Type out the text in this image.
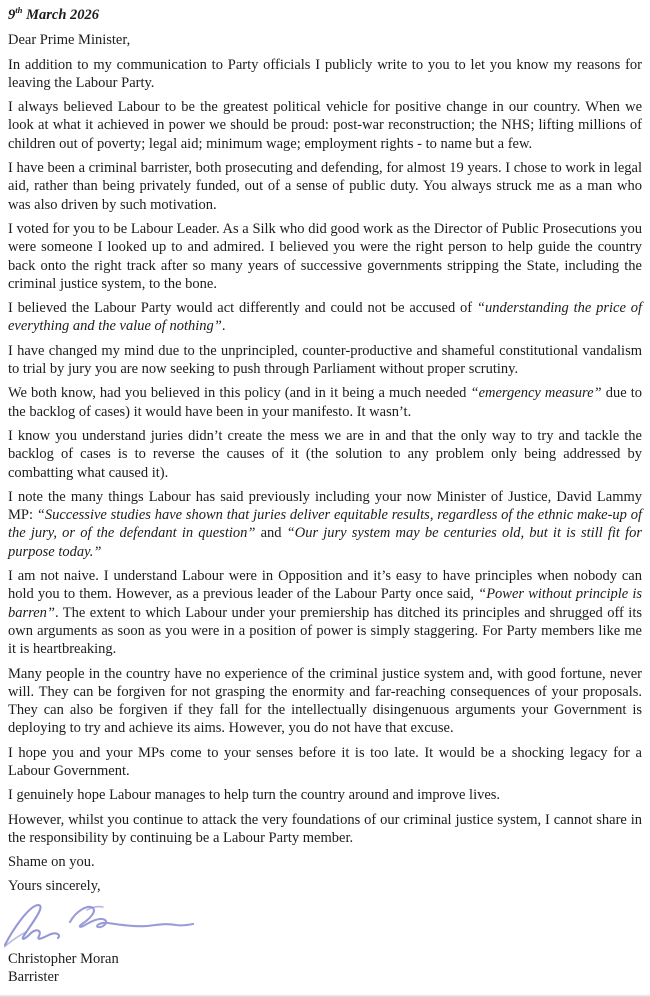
9th March 2026

Dear Prime Minister,

In addition to my communication to Party officials I publicly write to you to let you know my reasons for leaving the Labour Party.

I always believed Labour to be the greatest political vehicle for positive change in our country. When we look at what it achieved in power we should be proud: post-war reconstruction; the NHS; lifting millions of children out of poverty; legal aid; minimum wage; employment rights - to name but a few.

I have been a criminal barrister, both prosecuting and defending, for almost 19 years. I chose to work in legal aid, rather than being privately funded, out of a sense of public duty. You always struck me as a man who was also driven by such motivation.

I voted for you to be Labour Leader. As a Silk who did good work as the Director of Public Prosecutions you were someone I looked up to and admired. I believed you were the right person to help guide the country back onto the right track after so many years of successive governments stripping the State, including the criminal justice system, to the bone.

I believed the Labour Party would act differently and could not be accused of “understanding the price of everything and the value of nothing”.

I have changed my mind due to the unprincipled, counter-productive and shameful constitutional vandalism to trial by jury you are now seeking to push through Parliament without proper scrutiny.

We both know, had you believed in this policy (and in it being a much needed “emergency measure” due to the backlog of cases) it would have been in your manifesto. It wasn’t.

I know you understand juries didn’t create the mess we are in and that the only way to try and tackle the backlog of cases is to reverse the causes of it (the solution to any problem only being addressed by combatting what caused it).

I note the many things Labour has said previously including your now Minister of Justice, David Lammy MP: “Successive studies have shown that juries deliver equitable results, regardless of the ethnic make-up of the jury, or of the defendant in question” and “Our jury system may be centuries old, but it is still fit for purpose today.”

I am not naive. I understand Labour were in Opposition and it’s easy to have principles when nobody can hold you to them. However, as a previous leader of the Labour Party once said, “Power without principle is barren”. The extent to which Labour under your premiership has ditched its principles and shrugged off its own arguments as soon as you were in a position of power is simply staggering. For Party members like me it is heartbreaking.

Many people in the country have no experience of the criminal justice system and, with good fortune, never will. They can be forgiven for not grasping the enormity and far-reaching consequences of your proposals. They can also be forgiven if they fall for the intellectually disingenuous arguments your Government is deploying to try and achieve its aims. However, you do not have that excuse.

I hope you and your MPs come to your senses before it is too late. It would be a shocking legacy for a Labour Government.

I genuinely hope Labour manages to help turn the country around and improve lives.

However, whilst you continue to attack the very foundations of our criminal justice system, I cannot share in the responsibility by continuing be a Labour Party member.

Shame on you.

Yours sincerely,

Christopher Moran

Barrister
